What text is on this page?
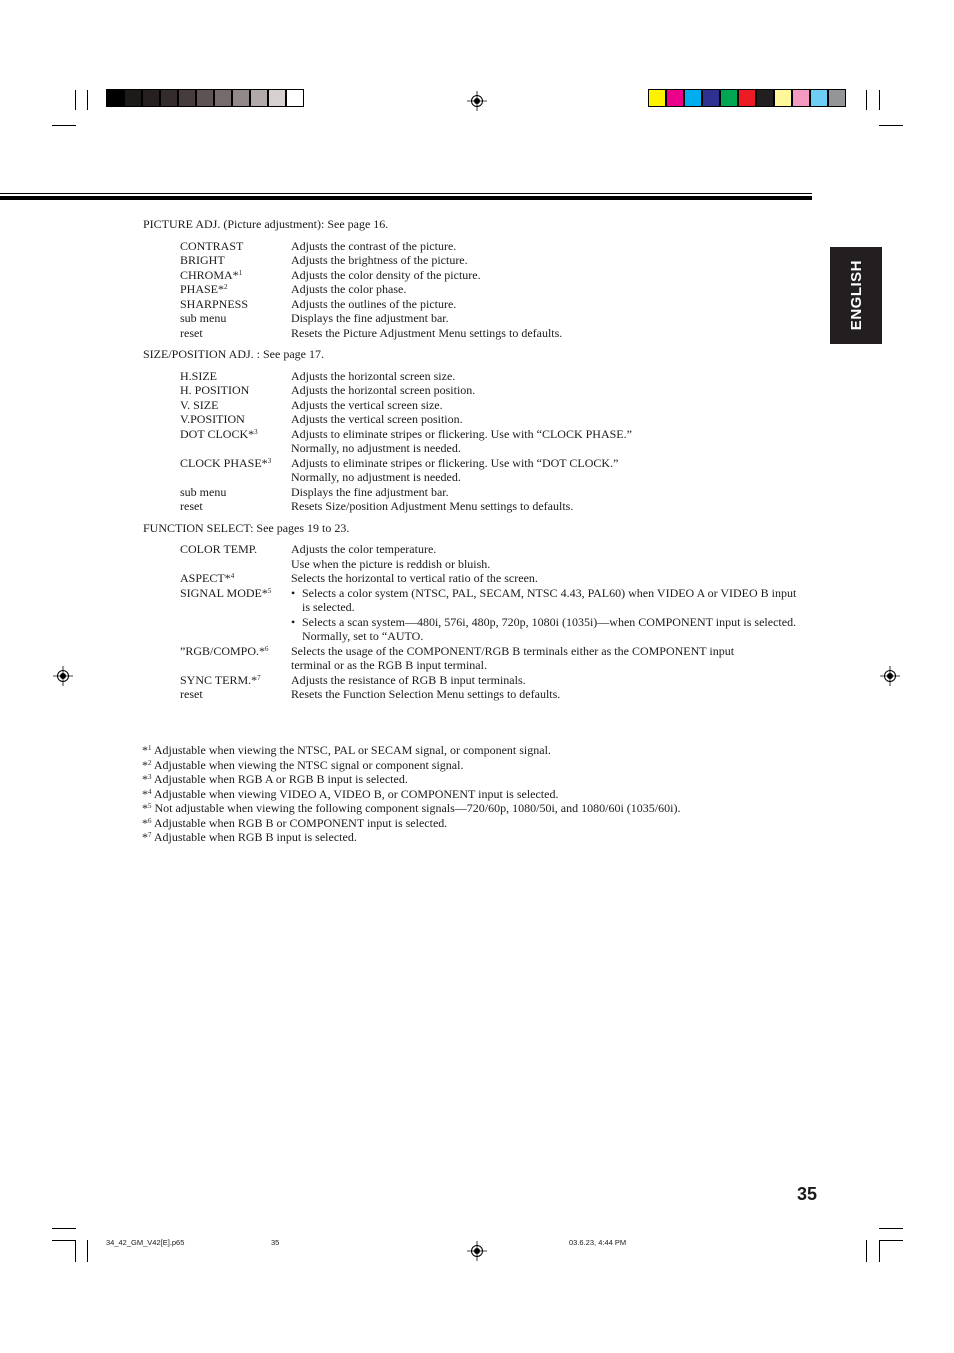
ENGLISH

PICTURE ADJ. (Picture adjustment): See page 16.

CONTRAST	Adjusts the contrast of the picture.

BRIGHT	Adjusts the brightness of the picture.

CHROMA*$^1$	Adjusts the color density of the picture.

PHASE*$^2$	Adjusts the color phase.

SHARPNESS	Adjusts the outlines of the picture.

sub menu	Displays the fine adjustment bar.

reset	Resets the Picture Adjustment Menu settings to defaults.

SIZE/POSITION ADJ. : See page 17.

H.SIZE	Adjusts the horizontal screen size.

H. POSITION	Adjusts the horizontal screen position.

V. SIZE	Adjusts the vertical screen size.

V.POSITION	Adjusts the vertical screen position.

DOT CLOCK*$^3$	Adjusts to eliminate stripes or flickering. Use with “CLOCK PHASE.”
Normally, no adjustment is needed.

CLOCK PHASE*$^3$	Adjusts to eliminate stripes or flickering. Use with “DOT CLOCK.”
Normally, no adjustment is needed.

sub menu	Displays the fine adjustment bar.

reset	Resets Size/position Adjustment Menu settings to defaults.

FUNCTION SELECT: See pages 19 to 23.

COLOR TEMP.	Adjusts the color temperature.
Use when the picture is reddish or bluish.

ASPECT*$^4$	Selects the horizontal to vertical ratio of the screen.

SIGNAL MODE*$^5$	• Selects a color system (NTSC, PAL, SECAM, NTSC 4.43, PAL60) when VIDEO A or VIDEO B input is selected.
• Selects a scan system—480i, 576i, 480p, 720p, 1080i (1035i)—when COMPONENT input is selected. Normally, set to “AUTO.

”RGB/COMPO.*$^6$	Selects the usage of the COMPONENT/RGB B terminals either as the COMPONENT input
terminal or as the RGB B input terminal.

SYNC TERM.*$^7$	Adjusts the resistance of RGB B input terminals.

reset	Resets the Function Selection Menu settings to defaults.
*$^1$ Adjustable when viewing the NTSC, PAL or SECAM signal, or component signal.
*$^2$ Adjustable when viewing the NTSC signal or component signal.
*$^3$ Adjustable when RGB A or RGB B input is selected.
*$^4$ Adjustable when viewing VIDEO A, VIDEO B, or COMPONENT input is selected.
*$^5$ Not adjustable when viewing the following component signals—720/60p, 1080/50i, and 1080/60i (1035/60i).
*$^6$ Adjustable when RGB B or COMPONENT input is selected.
*$^7$ Adjustable when RGB B input is selected.
35
34_42_GM_V42[E].p65	35	03.6.23, 4:44 PM
